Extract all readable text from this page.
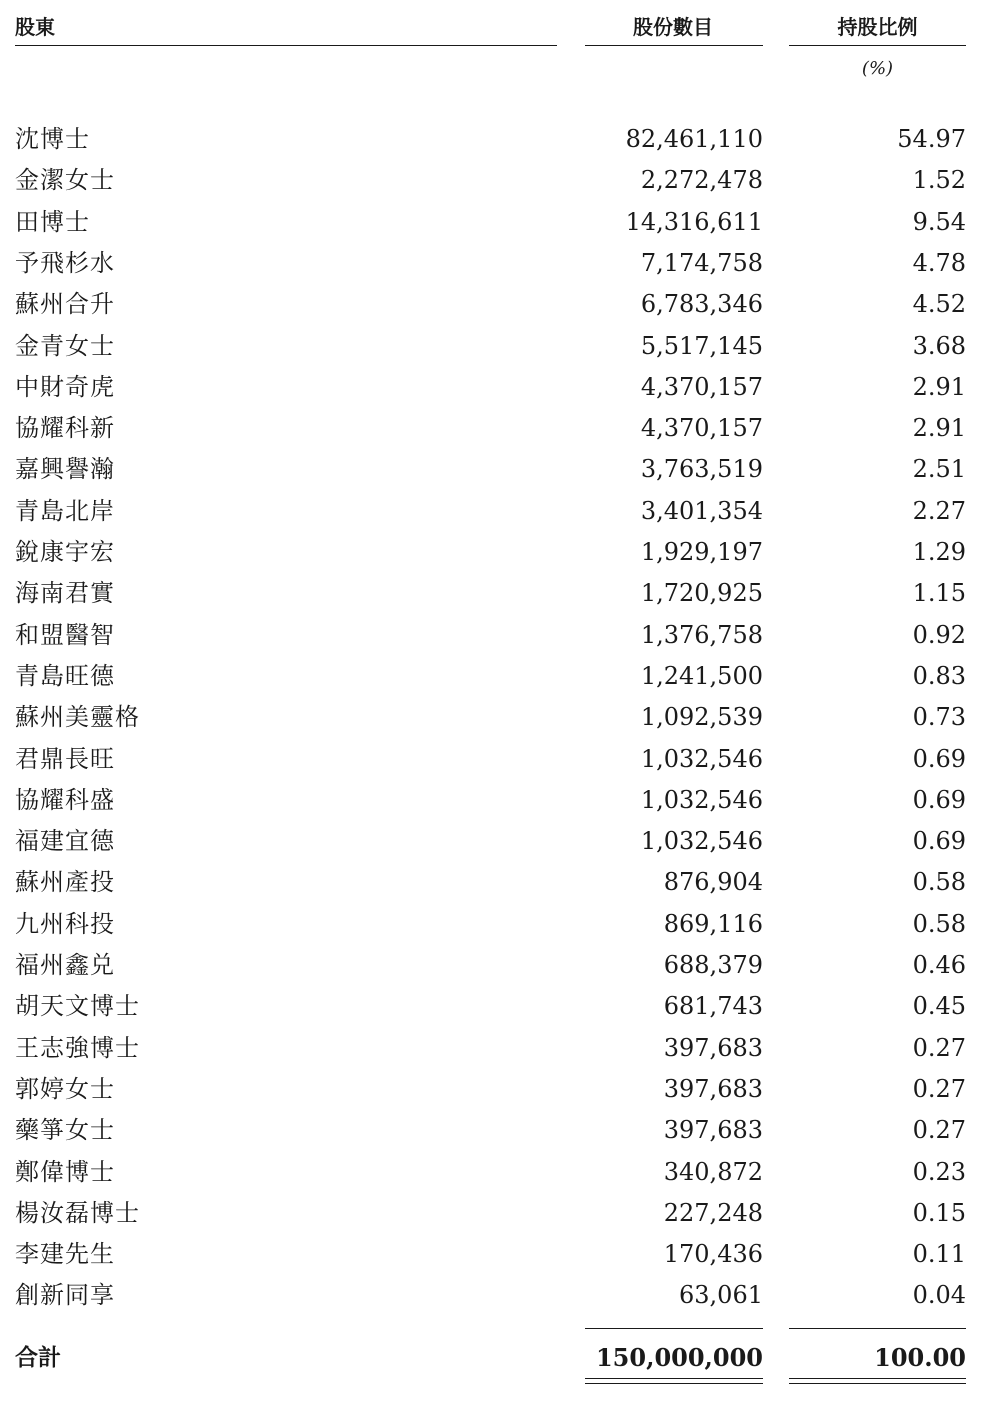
股東	股份數目	持股比例
(%)
沈博士	82,461,110	54.97
金潔女士	2,272,478	1.52
田博士	14,316,611	9.54
予飛杉水	7,174,758	4.78
蘇州合升	6,783,346	4.52
金青女士	5,517,145	3.68
中財奇虎	4,370,157	2.91
協耀科新	4,370,157	2.91
嘉興譽瀚	3,763,519	2.51
青島北岸	3,401,354	2.27
銳康宇宏	1,929,197	1.29
海南君實	1,720,925	1.15
和盟醫智	1,376,758	0.92
青島旺德	1,241,500	0.83
蘇州美靈格	1,092,539	0.73
君鼎長旺	1,032,546	0.69
協耀科盛	1,032,546	0.69
福建宜德	1,032,546	0.69
蘇州產投	876,904	0.58
九州科投	869,116	0.58
福州鑫兑	688,379	0.46
胡天文博士	681,743	0.45
王志強博士	397,683	0.27
郭婷女士	397,683	0.27
藥箏女士	397,683	0.27
鄭偉博士	340,872	0.23
楊汝磊博士	227,248	0.15
李建先生	170,436	0.11
創新同享	63,061	0.04
合計	150,000,000	100.00
